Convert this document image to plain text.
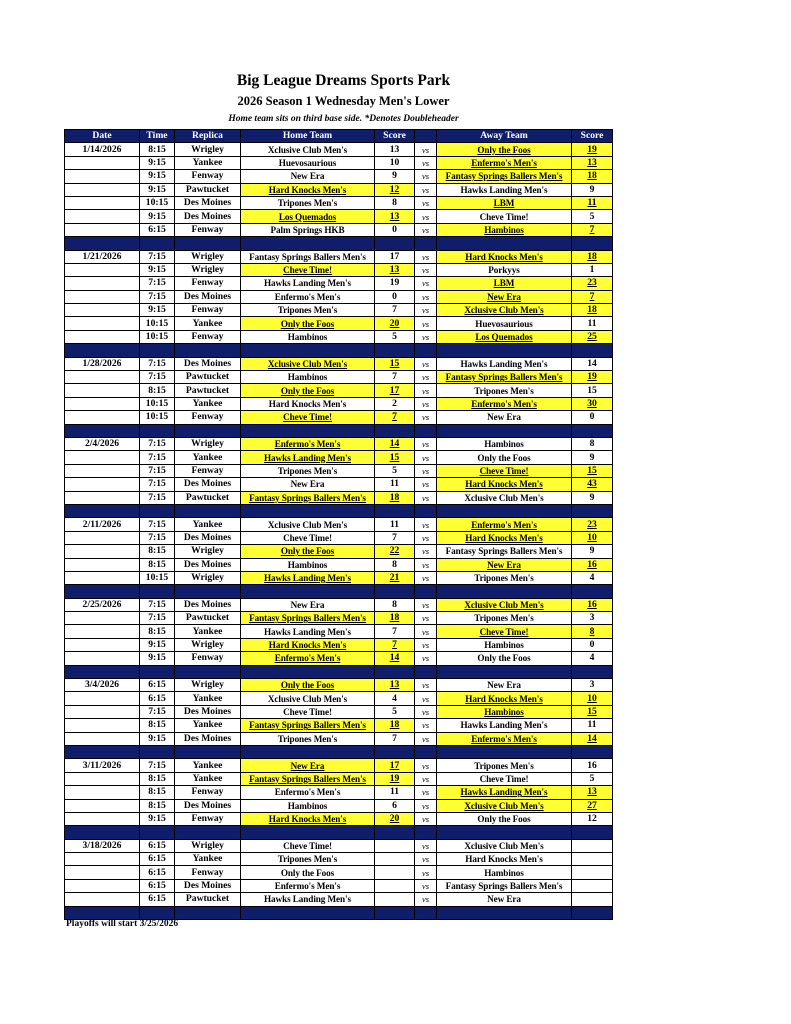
Big League Dreams Sports Park
2026 Season 1 Wednesday Men's Lower
Home team sits on third base side. *Denotes Doubleheader
Date	Time	Replica	Home Team	Score		Away Team	Score
1/14/2026	8:15	Wrigley	Xclusive Club Men's	13	vs	Only the Foos	19
	9:15	Yankee	Huevosaurious	10	vs	Enfermo's Men's	13
	9:15	Fenway	New Era	9	vs	Fantasy Springs Ballers Men's	18
	9:15	Pawtucket	Hard Knocks Men's	12	vs	Hawks Landing Men's	9
	10:15	Des Moines	Tripones Men's	8	vs	LBM	11
	9:15	Des Moines	Los Quemados	13	vs	Cheve Time!	5
	6:15	Fenway	Palm Springs HKB	0	vs	Hambinos	7

1/21/2026	7:15	Wrigley	Fantasy Springs Ballers Men's	17	vs	Hard Knocks Men's	18
	9:15	Wrigley	Cheve Time!	13	vs	Porkyys	1
	7:15	Fenway	Hawks Landing Men's	19	vs	LBM	23
	7:15	Des Moines	Enfermo's Men's	0	vs	New Era	7
	9:15	Fenway	Tripones Men's	7	vs	Xclusive Club Men's	18
	10:15	Yankee	Only the Foos	20	vs	Huevosaurious	11
	10:15	Fenway	Hambinos	5	vs	Los Quemados	25

1/28/2026	7:15	Des Moines	Xclusive Club Men's	15	vs	Hawks Landing Men's	14
	7:15	Pawtucket	Hambinos	7	vs	Fantasy Springs Ballers Men's	19
	8:15	Pawtucket	Only the Foos	17	vs	Tripones Men's	15
	10:15	Yankee	Hard Knocks Men's	2	vs	Enfermo's Men's	30
	10:15	Fenway	Cheve Time!	7	vs	New Era	0

2/4/2026	7:15	Wrigley	Enfermo's Men's	14	vs	Hambinos	8
	7:15	Yankee	Hawks Landing Men's	15	vs	Only the Foos	9
	7:15	Fenway	Tripones Men's	5	vs	Cheve Time!	15
	7:15	Des Moines	New Era	11	vs	Hard Knocks Men's	43
	7:15	Pawtucket	Fantasy Springs Ballers Men's	18	vs	Xclusive Club Men's	9

2/11/2026	7:15	Yankee	Xclusive Club Men's	11	vs	Enfermo's Men's	23
	7:15	Des Moines	Cheve Time!	7	vs	Hard Knocks Men's	10
	8:15	Wrigley	Only the Foos	22	vs	Fantasy Springs Ballers Men's	9
	8:15	Des Moines	Hambinos	8	vs	New Era	16
	10:15	Wrigley	Hawks Landing Men's	21	vs	Tripones Men's	4

2/25/2026	7:15	Des Moines	New Era	8	vs	Xclusive Club Men's	16
	7:15	Pawtucket	Fantasy Springs Ballers Men's	18	vs	Tripones Men's	3
	8:15	Yankee	Hawks Landing Men's	7	vs	Cheve Time!	8
	9:15	Wrigley	Hard Knocks Men's	7	vs	Hambinos	0
	9:15	Fenway	Enfermo's Men's	14	vs	Only the Foos	4

3/4/2026	6:15	Wrigley	Only the Foos	13	vs	New Era	3
	6:15	Yankee	Xclusive Club Men's	4	vs	Hard Knocks Men's	10
	7:15	Des Moines	Cheve Time!	5	vs	Hambinos	15
	8:15	Yankee	Fantasy Springs Ballers Men's	18	vs	Hawks Landing Men's	11
	9:15	Des Moines	Tripones Men's	7	vs	Enfermo's Men's	14

3/11/2026	7:15	Yankee	New Era	17	vs	Tripones Men's	16
	8:15	Yankee	Fantasy Springs Ballers Men's	19	vs	Cheve Time!	5
	8:15	Fenway	Enfermo's Men's	11	vs	Hawks Landing Men's	13
	8:15	Des Moines	Hambinos	6	vs	Xclusive Club Men's	27
	9:15	Fenway	Hard Knocks Men's	20	vs	Only the Foos	12

3/18/2026	6:15	Wrigley	Cheve Time!		vs	Xclusive Club Men's	
	6:15	Yankee	Tripones Men's		vs	Hard Knocks Men's	
	6:15	Fenway	Only the Foos		vs	Hambinos	
	6:15	Des Moines	Enfermo's Men's		vs	Fantasy Springs Ballers Men's	
	6:15	Pawtucket	Hawks Landing Men's		vs	New Era	

Playoffs will start 3/25/2026
